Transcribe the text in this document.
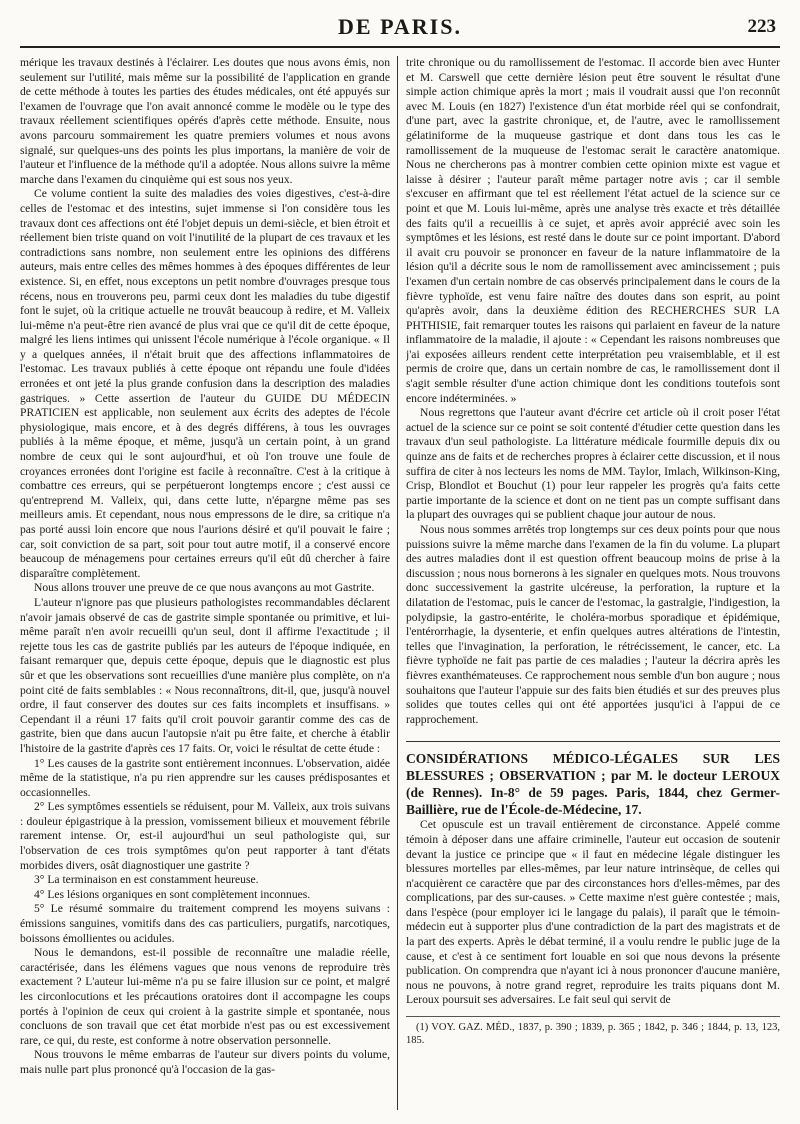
DE PARIS.	223

mérique les travaux destinés à l'éclairer. Les doutes que nous avons émis, non seulement sur l'utilité, mais même sur la possibilité de l'application en grande de cette méthode à toutes les parties des études médicales, ont été appuyés sur l'examen de l'ouvrage que l'on avait annoncé comme le modèle ou le type des travaux réellement scientifiques opérés d'après cette méthode. Ensuite, nous avons parcouru sommairement les quatre premiers volumes et nous avons signalé, sur quelques-uns des points les plus importans, la manière de voir de l'auteur et l'influence de la méthode qu'il a adoptée. Nous allons suivre la même marche dans l'examen du cinquième qui est sous nos yeux.

Ce volume contient la suite des maladies des voies digestives, c'est-à-dire celles de l'estomac et des intestins, sujet immense si l'on considère tous les travaux dont ces affections ont été l'objet depuis un demi-siècle, et bien étroit et réellement bien triste quand on voit l'inutilité de la plupart de ces travaux et les contradictions sans nombre, non seulement entre les opinions des différens auteurs, mais entre celles des mêmes hommes à des époques différentes de leur existence. Si, en effet, nous exceptons un petit nombre d'ouvrages presque tous récens, nous en trouverons peu, parmi ceux dont les maladies du tube digestif font le sujet, où la critique actuelle ne trouvât beaucoup à redire, et M. Valleix lui-même n'a peut-être rien avancé de plus vrai que ce qu'il dit de cette époque, malgré les liens intimes qui unissent l'école numérique à l'école organique. « Il y a quelques années, il n'était bruit que des affections inflammatoires de l'estomac. Les travaux publiés à cette époque ont répandu une foule d'idées erronées et ont jeté la plus grande confusion dans la description des maladies gastriques. » Cette assertion de l'auteur du GUIDE DU MÉDECIN PRATICIEN est applicable, non seulement aux écrits des adeptes de l'école physiologique, mais encore, et à des degrés différens, à tous les ouvrages publiés à la même époque, et même, jusqu'à un certain point, à un grand nombre de ceux qui le sont aujourd'hui, et où l'on trouve une foule de croyances erronées dont l'origine est facile à reconnaître. C'est à la critique à combattre ces erreurs, qui se perpétueront longtemps encore ; c'est aussi ce qu'entreprend M. Valleix, qui, dans cette lutte, n'épargne même pas ses meilleurs amis. Et cependant, nous nous empressons de le dire, sa critique n'a pas porté aussi loin encore que nous l'aurions désiré et qu'il pouvait le faire ; car, soit conviction de sa part, soit pour tout autre motif, il a conservé encore beaucoup de ménagemens pour certaines erreurs qu'il eût dû chercher à faire disparaître complètement.

Nous allons trouver une preuve de ce que nous avançons au mot Gastrite.

L'auteur n'ignore pas que plusieurs pathologistes recommandables déclarent n'avoir jamais observé de cas de gastrite simple spontanée ou primitive, et lui-même paraît n'en avoir recueilli qu'un seul, dont il affirme l'exactitude ; il rejette tous les cas de gastrite publiés par les auteurs de l'époque indiquée, en faisant remarquer que, depuis cette époque, depuis que le diagnostic est plus sûr et que les observations sont recueillies d'une manière plus complète, on n'a point cité de faits semblables : « Nous reconnaîtrons, dit-il, que, jusqu'à nouvel ordre, il faut conserver des doutes sur ces faits incomplets et insuffisans. » Cependant il a réuni 17 faits qu'il croit pouvoir garantir comme des cas de gastrite, bien que dans aucun l'autopsie n'ait pu être faite, et cherche à établir l'histoire de la gastrite d'après ces 17 faits. Or, voici le résultat de cette étude :

1° Les causes de la gastrite sont entièrement inconnues. L'observation, aidée même de la statistique, n'a pu rien apprendre sur les causes prédisposantes et occasionnelles.

2° Les symptômes essentiels se réduisent, pour M. Valleix, aux trois suivans : douleur épigastrique à la pression, vomissement bilieux et mouvement fébrile rarement intense. Or, est-il aujourd'hui un seul pathologiste qui, sur l'observation de ces trois symptômes qu'on peut rapporter à tant d'états morbides divers, osât diagnostiquer une gastrite ?

3° La terminaison en est constamment heureuse.

4° Les lésions organiques en sont complètement inconnues.

5° Le résumé sommaire du traitement comprend les moyens suivans : émissions sanguines, vomitifs dans des cas particuliers, purgatifs, narcotiques, boissons émollientes ou acidules.

Nous le demandons, est-il possible de reconnaître une maladie réelle, caractérisée, dans les élémens vagues que nous venons de reproduire très exactement ? L'auteur lui-même n'a pu se faire illusion sur ce point, et malgré les circonlocutions et les précautions oratoires dont il accompagne les coups portés à l'opinion de ceux qui croient à la gastrite simple et spontanée, nous concluons de son travail que cet état morbide n'est pas ou est excessivement rare, ce qui, du reste, est conforme à notre observation personnelle.

Nous trouvons le même embarras de l'auteur sur divers points du volume, mais nulle part plus prononcé qu'à l'occasion de la gas-

trite chronique ou du ramollissement de l'estomac. Il accorde bien avec Hunter et M. Carswell que cette dernière lésion peut être souvent le résultat d'une simple action chimique après la mort ; mais il voudrait aussi que l'on reconnût avec M. Louis (en 1827) l'existence d'un état morbide réel qui se confondrait, d'une part, avec la gastrite chronique, et, de l'autre, avec le ramollissement gélatiniforme de la muqueuse gastrique et dont dans tous les cas le ramollissement de la muqueuse de l'estomac serait le caractère anatomique. Nous ne chercherons pas à montrer combien cette opinion mixte est vague et laisse à désirer ; l'auteur paraît même partager notre avis ; car il semble s'excuser en affirmant que tel est réellement l'état actuel de la science sur ce point et que M. Louis lui-même, après une analyse très exacte et très détaillée des faits qu'il a recueillis à ce sujet, et après avoir apprécié avec soin les symptômes et les lésions, est resté dans le doute sur ce point important. D'abord il avait cru pouvoir se prononcer en faveur de la nature inflammatoire de la lésion qu'il a décrite sous le nom de ramollissement avec amincissement ; puis l'examen d'un certain nombre de cas observés principalement dans le cours de la fièvre typhoïde, est venu faire naître des doutes dans son esprit, au point qu'après avoir, dans la deuxième édition des RECHERCHES SUR LA PHTHISIE, fait remarquer toutes les raisons qui parlaient en faveur de la nature inflammatoire de la maladie, il ajoute : « Cependant les raisons nombreuses que j'ai exposées ailleurs rendent cette interprétation peu vraisemblable, et il est permis de croire que, dans un certain nombre de cas, le ramollissement dont il s'agit semble résulter d'une action chimique dont les conditions toutefois sont encore indéterminées. »

Nous regrettons que l'auteur avant d'écrire cet article où il croit poser l'état actuel de la science sur ce point se soit contenté d'étudier cette question dans les travaux d'un seul pathologiste. La littérature médicale fourmille depuis dix ou quinze ans de faits et de recherches propres à éclairer cette discussion, et il nous suffira de citer à nos lecteurs les noms de MM. Taylor, Imlach, Wilkinson-King, Crisp, Blondlot et Bouchut (1) pour leur rappeler les progrès qu'a faits cette partie importante de la science et dont on ne tient pas un compte suffisant dans la plupart des ouvrages qui se publient chaque jour autour de nous.

Nous nous sommes arrêtés trop longtemps sur ces deux points pour que nous puissions suivre la même marche dans l'examen de la fin du volume. La plupart des autres maladies dont il est question offrent beaucoup moins de prise à la discussion ; nous nous bornerons à les signaler en quelques mots. Nous trouvons donc successivement la gastrite ulcéreuse, la perforation, la rupture et la dilatation de l'estomac, puis le cancer de l'estomac, la gastralgie, l'indigestion, la polydipsie, la gastro-entérite, le choléra-morbus sporadique et épidémique, l'entérorrhagie, la dysenterie, et enfin quelques autres altérations de l'intestin, telles que l'invagination, la perforation, le rétrécissement, le cancer, etc. La fièvre typhoïde ne fait pas partie de ces maladies ; l'auteur la décrira après les fièvres exanthémateuses. Ce rapprochement nous semble d'un bon augure ; nous souhaitons que l'auteur l'appuie sur des faits bien étudiés et sur des preuves plus solides que toutes celles qui ont été apportées jusqu'ici à l'appui de ce rapprochement.

CONSIDÉRATIONS MÉDICO-LÉGALES SUR LES BLESSURES ; OBSERVATION ; par M. le docteur LEROUX (de Rennes). In-8° de 59 pages. Paris, 1844, chez Germer-Baillière, rue de l'École-de-Médecine, 17.

Cet opuscule est un travail entièrement de circonstance. Appelé comme témoin à déposer dans une affaire criminelle, l'auteur eut occasion de soutenir devant la justice ce principe que « il faut en médecine légale distinguer les blessures mortelles par elles-mêmes, par leur nature intrinsèque, de celles qui n'acquièrent ce caractère que par des circonstances hors d'elles-mêmes, par des complications, par des sur-causes. » Cette maxime n'est guère contestée ; mais, dans l'espèce (pour employer ici le langage du palais), il paraît que le témoin-médecin eut à supporter plus d'une contradiction de la part des magistrats et de la part des experts. Après le débat terminé, il a voulu rendre le public juge de la cause, et c'est à ce sentiment fort louable en soi que nous devons la présente publication. On comprendra que n'ayant ici à nous prononcer d'aucune manière, nous ne pouvons, à notre grand regret, reproduire les traits piquans dont M. Leroux poursuit ses adversaires. Le fait seul qui servit de

(1) VOY. GAZ. MÉD., 1837, p. 390 ; 1839, p. 365 ; 1842, p. 346 ; 1844, p. 13, 123, 185.
